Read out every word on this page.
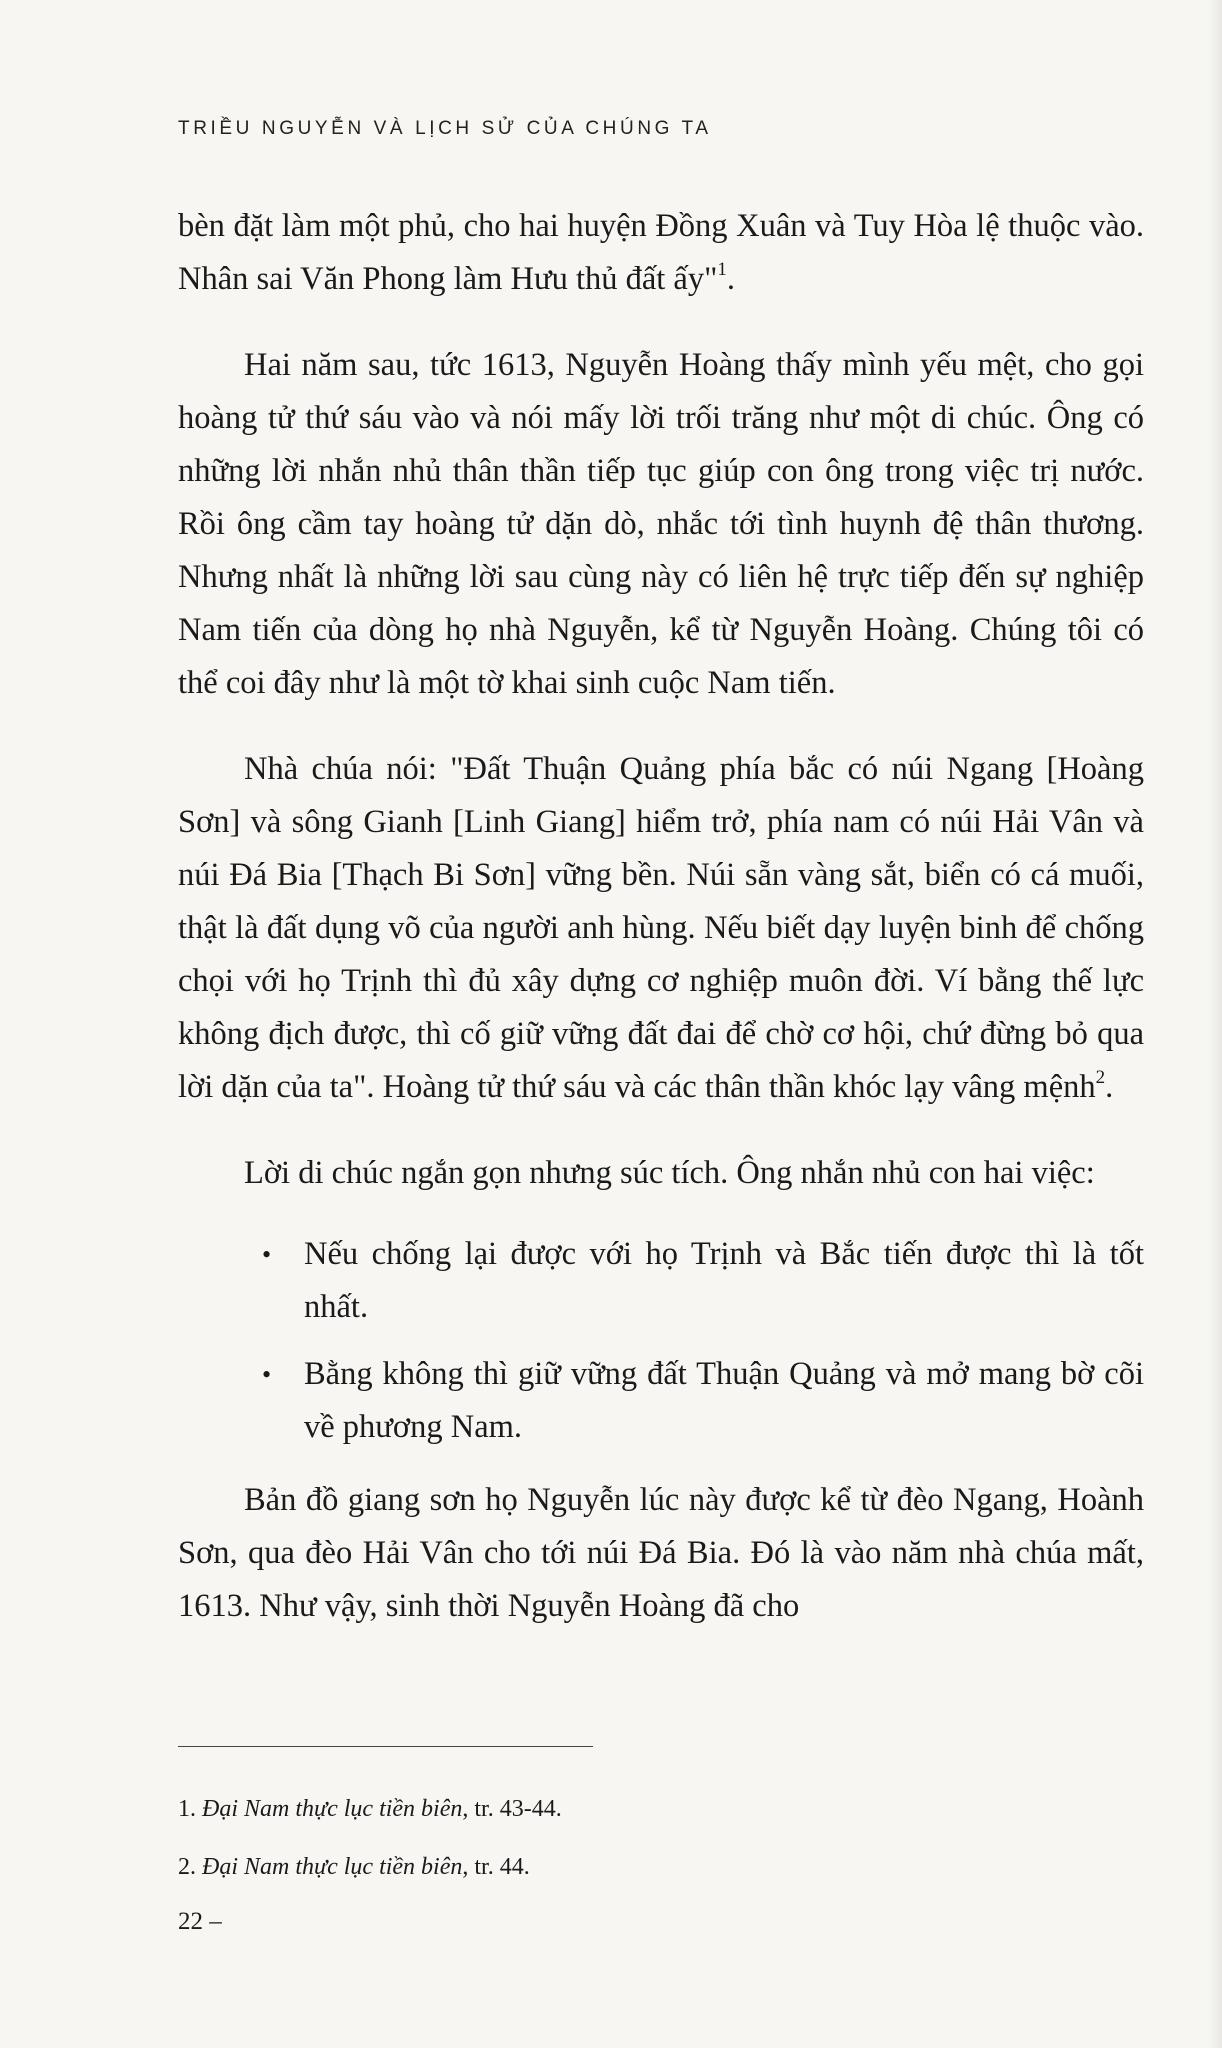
TRIỀU NGUYỄN VÀ LỊCH SỬ CỦA CHÚNG TA

bèn đặt làm một phủ, cho hai huyện Đồng Xuân và Tuy Hòa lệ thuộc vào. Nhân sai Văn Phong làm Hưu thủ đất ấy"$^1$.

Hai năm sau, tức 1613, Nguyễn Hoàng thấy mình yếu mệt, cho gọi hoàng tử thứ sáu vào và nói mấy lời trối trăng như một di chúc. Ông có những lời nhắn nhủ thân thần tiếp tục giúp con ông trong việc trị nước. Rồi ông cầm tay hoàng tử dặn dò, nhắc tới tình huynh đệ thân thương. Nhưng nhất là những lời sau cùng này có liên hệ trực tiếp đến sự nghiệp Nam tiến của dòng họ nhà Nguyễn, kể từ Nguyễn Hoàng. Chúng tôi có thể coi đây như là một tờ khai sinh cuộc Nam tiến.

Nhà chúa nói: "Đất Thuận Quảng phía bắc có núi Ngang [Hoàng Sơn] và sông Gianh [Linh Giang] hiểm trở, phía nam có núi Hải Vân và núi Đá Bia [Thạch Bi Sơn] vững bền. Núi sẵn vàng sắt, biển có cá muối, thật là đất dụng võ của người anh hùng. Nếu biết dạy luyện binh để chống chọi với họ Trịnh thì đủ xây dựng cơ nghiệp muôn đời. Ví bằng thế lực không địch được, thì cố giữ vững đất đai để chờ cơ hội, chứ đừng bỏ qua lời dặn của ta". Hoàng tử thứ sáu và các thân thần khóc lạy vâng mệnh$^2$.

Lời di chúc ngắn gọn nhưng súc tích. Ông nhắn nhủ con hai việc:

• Nếu chống lại được với họ Trịnh và Bắc tiến được thì là tốt nhất.
• Bằng không thì giữ vững đất Thuận Quảng và mở mang bờ cõi về phương Nam.

Bản đồ giang sơn họ Nguyễn lúc này được kể từ đèo Ngang, Hoành Sơn, qua đèo Hải Vân cho tới núi Đá Bia. Đó là vào năm nhà chúa mất, 1613. Như vậy, sinh thời Nguyễn Hoàng đã cho

1. Đại Nam thực lục tiền biên, tr. 43-44.
2. Đại Nam thực lục tiền biên, tr. 44.
22 –
